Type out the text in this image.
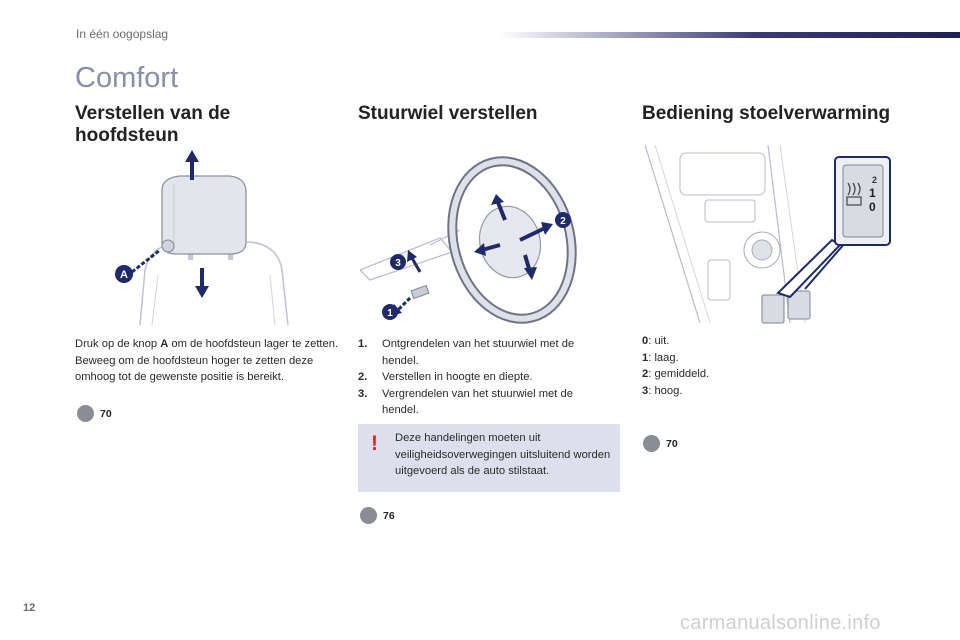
In één oogopslag
Comfort
Verstellen van de hoofdsteun
A
Druk op de knop A om de hoofdsteun lager te zetten.
Beweeg om de hoofdsteun hoger te zetten deze omhoog tot de gewenste positie is bereikt.
70
Stuurwiel verstellen
3
2
1
1.	Ontgrendelen van het stuurwiel met de hendel.
2.	Verstellen in hoogte en diepte.
3.	Vergrendelen van het stuurwiel met de hendel.
! Deze handelingen moeten uit veiligheidsoverwegingen uitsluitend worden uitgevoerd als de auto stilstaat.
76
Bediening stoelverwarming
2
1
0
0: uit.
1: laag.
2: gemiddeld.
3: hoog.
70
12
carmanualsonline.info
